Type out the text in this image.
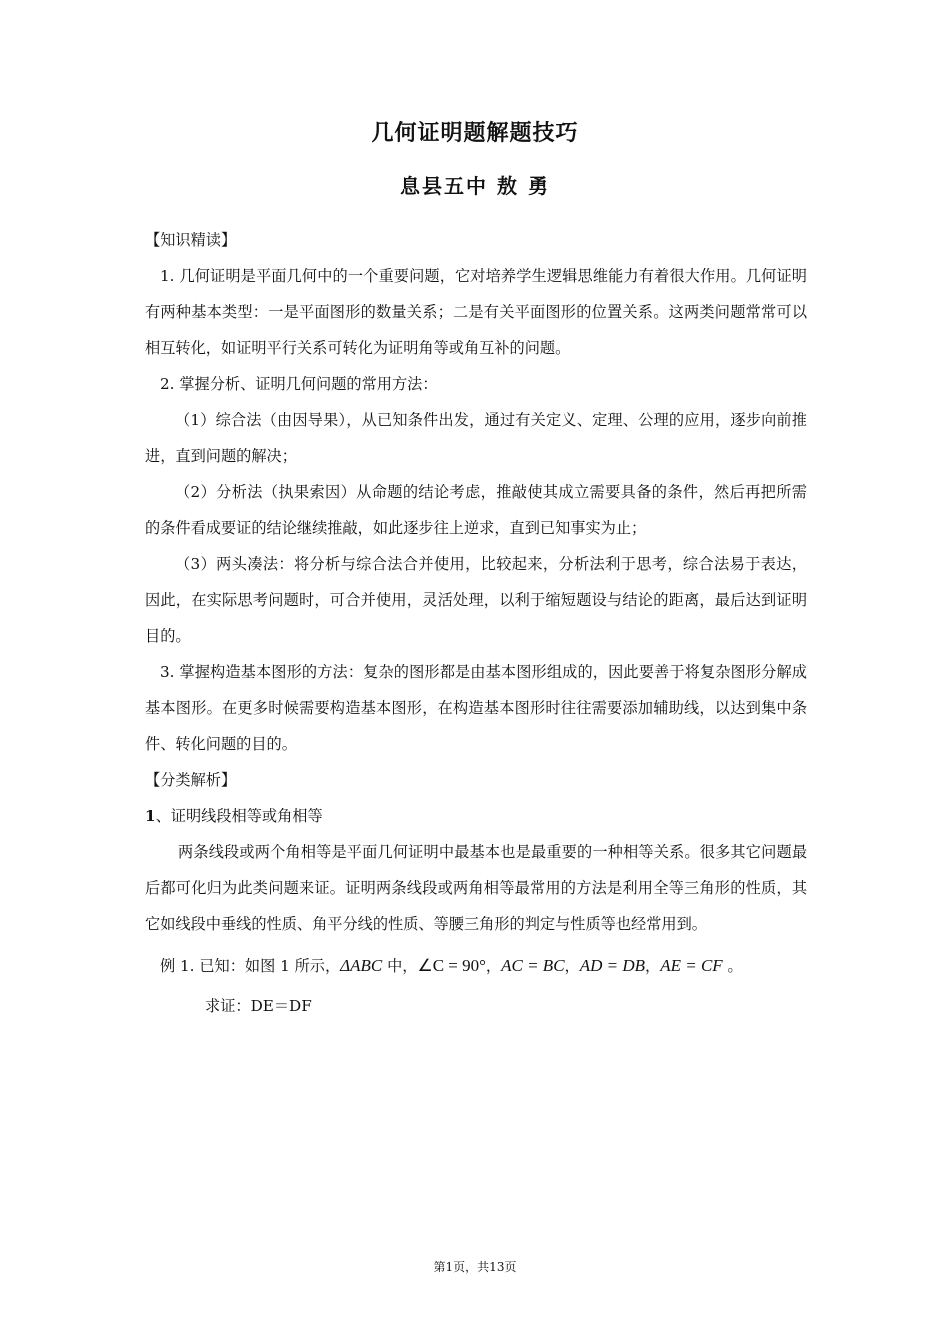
几何证明题解题技巧
息县五中 敖 勇

【知识精读】

1. 几何证明是平面几何中的一个重要问题，它对培养学生逻辑思维能力有着很大作用。几何证明有两种基本类型：一是平面图形的数量关系；二是有关平面图形的位置关系。这两类问题常常可以相互转化，如证明平行关系可转化为证明角等或角互补的问题。

2. 掌握分析、证明几何问题的常用方法：

（1）综合法（由因导果），从已知条件出发，通过有关定义、定理、公理的应用，逐步向前推进，直到问题的解决；

（2）分析法（执果索因）从命题的结论考虑，推敲使其成立需要具备的条件，然后再把所需的条件看成要证的结论继续推敲，如此逐步往上逆求，直到已知事实为止；

（3）两头凑法：将分析与综合法合并使用，比较起来，分析法利于思考，综合法易于表达，因此，在实际思考问题时，可合并使用，灵活处理，以利于缩短题设与结论的距离，最后达到证明目的。

3. 掌握构造基本图形的方法：复杂的图形都是由基本图形组成的，因此要善于将复杂图形分解成基本图形。在更多时候需要构造基本图形，在构造基本图形时往往需要添加辅助线，以达到集中条件、转化问题的目的。

【分类解析】

1、证明线段相等或角相等

两条线段或两个角相等是平面几何证明中最基本也是最重要的一种相等关系。很多其它问题最后都可化归为此类问题来证。证明两条线段或两角相等最常用的方法是利用全等三角形的性质，其它如线段中垂线的性质、角平分线的性质、等腰三角形的判定与性质等也经常用到。

例 1. 已知：如图 1 所示，ΔABC 中，∠C = 90°，AC = BC，AD = DB，AE = CF 。

求证：DE＝DF

第1页，共13页
